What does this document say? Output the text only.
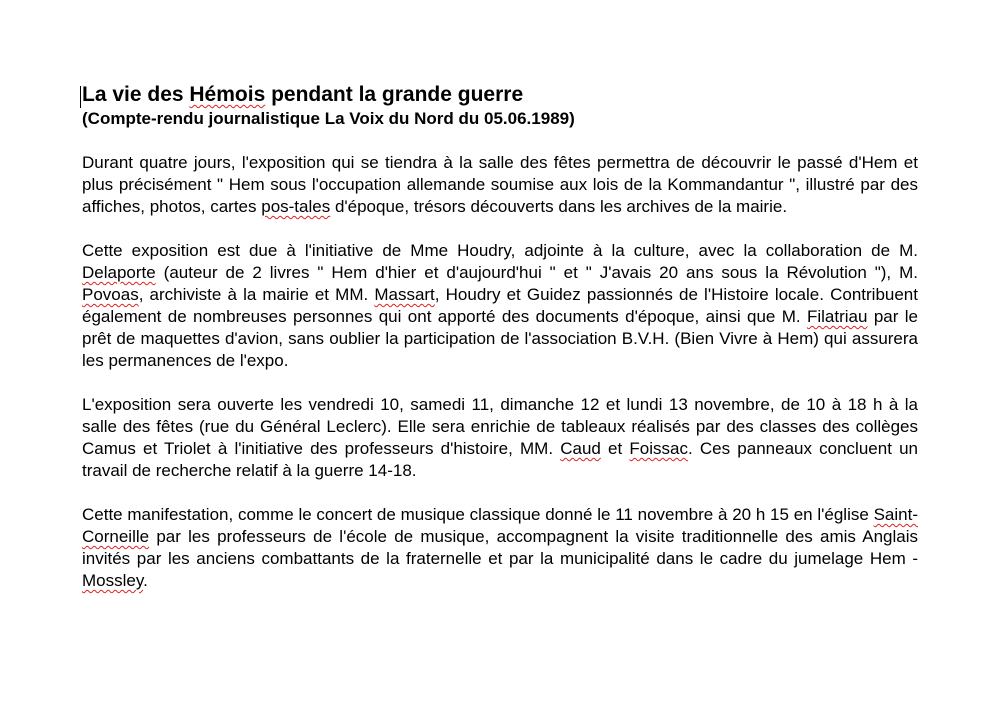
La vie des Hémois pendant la grande guerre

(Compte-rendu journalistique La Voix du Nord du 05.06.1989)

Durant quatre jours, l'exposition qui se tiendra à la salle des fêtes permettra de découvrir le passé d'Hem et plus précisément " Hem sous l'occupation allemande soumise aux lois de la Kommandantur ", illustré par des affiches, photos, cartes pos-tales d'époque, trésors découverts dans les archives de la mairie.

Cette exposition est due à l'initiative de Mme Houdry, adjointe à la culture, avec la collaboration de M. Delaporte (auteur de 2 livres " Hem d'hier et d'aujourd'hui " et " J'avais 20 ans sous la Révolution "), M. Povoas, archiviste à la mairie et MM. Massart, Houdry et Guidez passionnés de l'Histoire locale. Contribuent également de nombreuses personnes qui ont apporté des documents d'époque, ainsi que M. Filatriau par le prêt de maquettes d'avion, sans oublier la participation de l'association B.V.H. (Bien Vivre à Hem) qui assurera les permanences de l'expo.

L'exposition sera ouverte les vendredi 10, samedi 11, dimanche 12 et lundi 13 novembre, de 10 à 18 h à la salle des fêtes (rue du Général Leclerc). Elle sera enrichie de tableaux réalisés par des classes des collèges Camus et Triolet à l'initiative des professeurs d'histoire, MM. Caud et Foissac. Ces panneaux concluent un travail de recherche relatif à la guerre 14-18.

Cette manifestation, comme le concert de musique classique donné le 11 novembre à 20 h 15 en l'église Saint-Corneille par les professeurs de l'école de musique, accompagnent la visite traditionnelle des amis Anglais invités par les anciens combattants de la fraternelle et par la municipalité dans le cadre du jumelage Hem - Mossley.
